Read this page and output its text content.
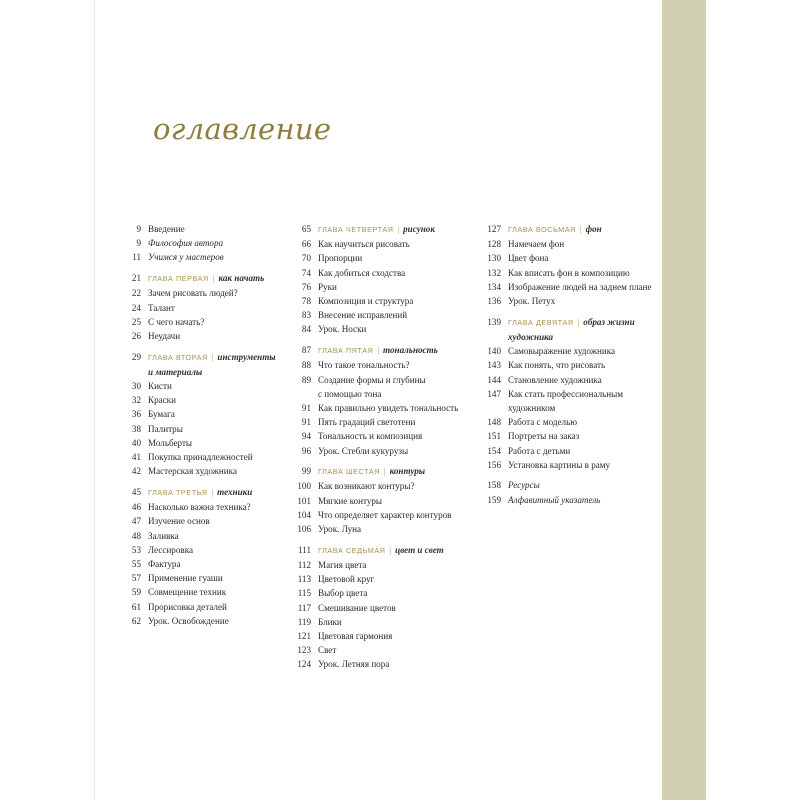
оглавление
9 Введение
9 Философия автора
11 Учимся у мастеров
21 ГЛАВА ПЕРВАЯ | как начать
22 Зачем рисовать людей?
24 Талант
25 С чего начать?
26 Неудачи
29 ГЛАВА ВТОРАЯ | инструменты
и материалы
30 Кисти
32 Краски
36 Бумага
38 Палитры
40 Мольберты
41 Покупка принадлежностей
42 Мастерская художника
45 ГЛАВА ТРЕТЬЯ | техники
46 Насколько важна техника?
47 Изучение основ
48 Заливка
53 Лессировка
55 Фактура
57 Применение гуаши
59 Совмещение техник
61 Прорисовка деталей
62 Урок. Освобождение
65 ГЛАВА ЧЕТВЕРТАЯ | рисунок
66 Как научиться рисовать
70 Пропорции
74 Как добиться сходства
76 Руки
78 Композиция и структура
83 Внесение исправлений
84 Урок. Носки
87 ГЛАВА ПЯТАЯ | тональность
88 Что такое тональность?
89 Создание формы и глубины
с помощью тона
91 Как правильно увидеть тональность
91 Пять градаций светотени
94 Тональность и композиция
96 Урок. Стебли кукурузы
99 ГЛАВА ШЕСТАЯ | контуры
100 Как возникают контуры?
101 Мягкие контуры
104 Что определяет характер контуров
106 Урок. Луна
111 ГЛАВА СЕДЬМАЯ | цвет и свет
112 Магия цвета
113 Цветовой круг
115 Выбор цвета
117 Смешивание цветов
119 Блики
121 Цветовая гармония
123 Свет
124 Урок. Летняя пора
127 ГЛАВА ВОСЬМАЯ | фон
128 Намечаем фон
130 Цвет фона
132 Как вписать фон в композицию
134 Изображение людей на заднем плане
136 Урок. Петух
139 ГЛАВА ДЕВЯТАЯ | образ жизни
художника
140 Самовыражение художника
143 Как понять, что рисовать
144 Становление художника
147 Как стать профессиональным
художником
148 Работа с моделью
151 Портреты на заказ
154 Работа с детьми
156 Установка картины в раму
158 Ресурсы
159 Алфавитный указатель
